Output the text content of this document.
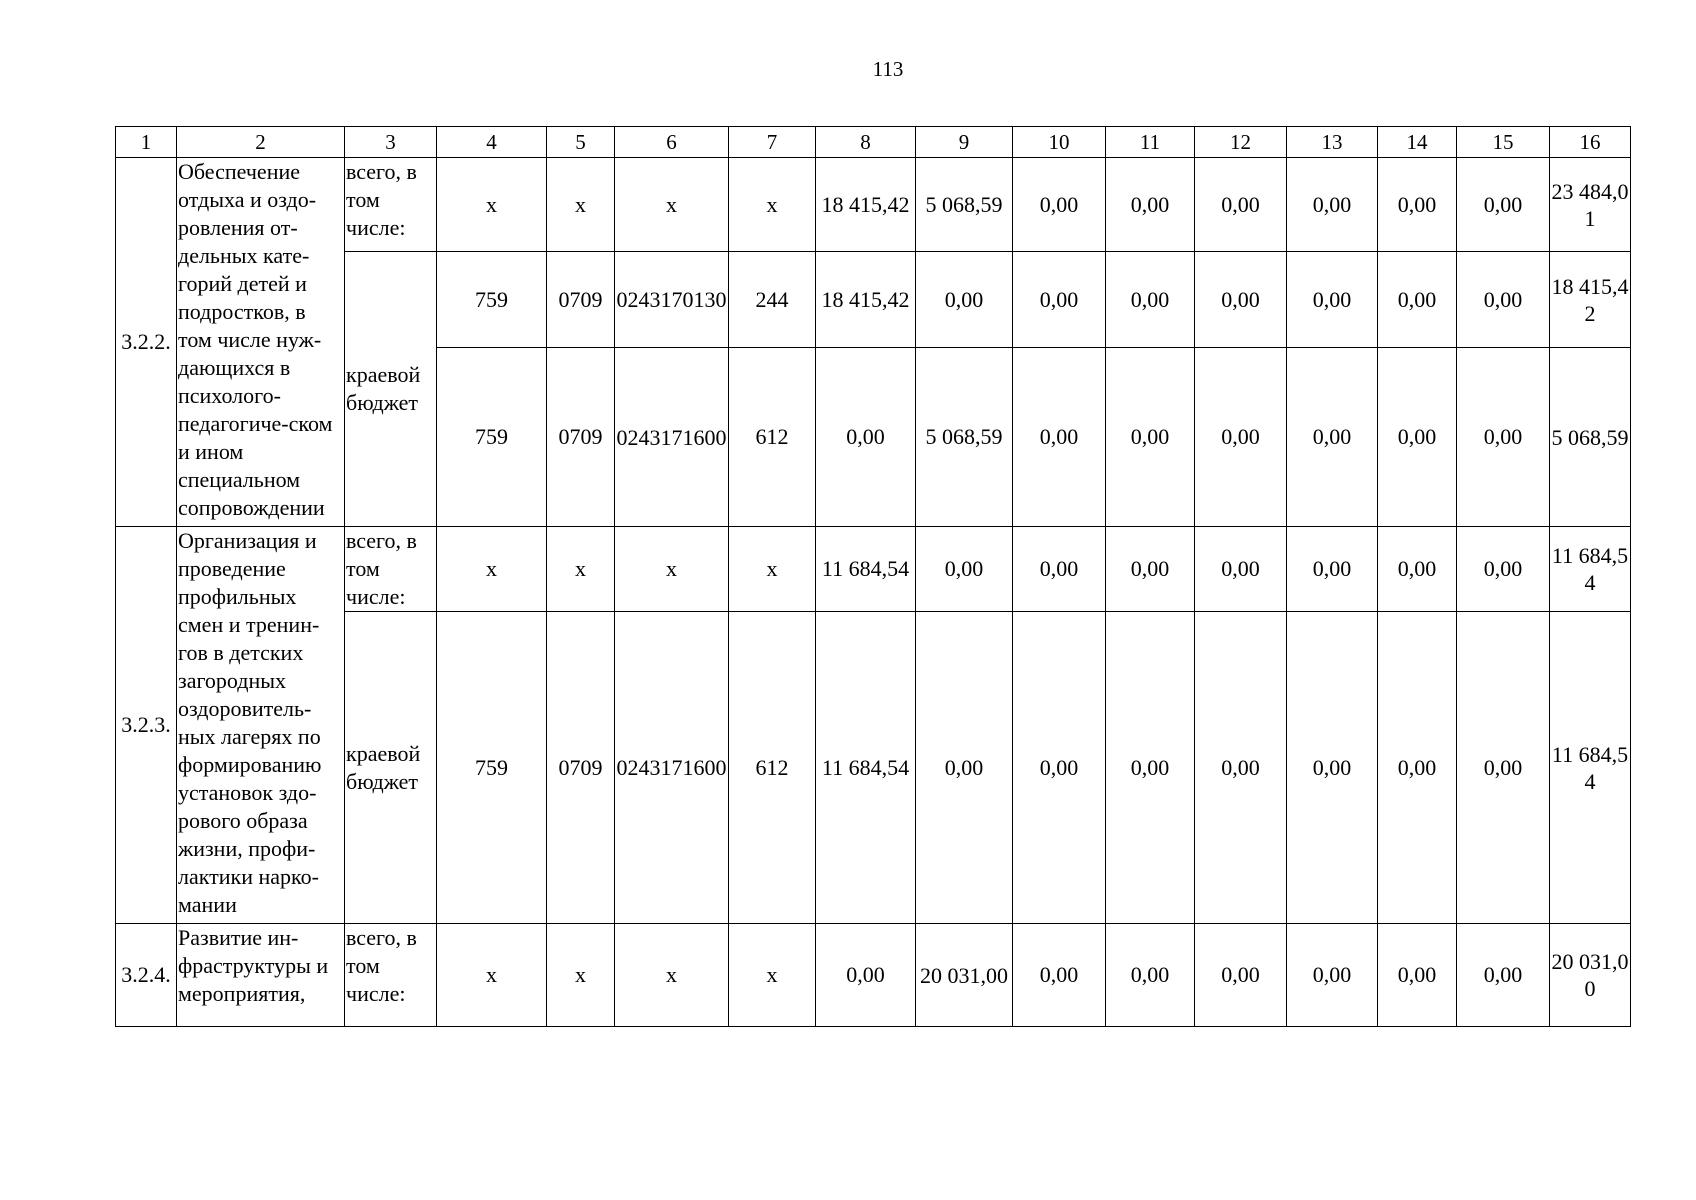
113
1	2	3	4	5	6	7	8	9	10	11	12	13	14	15	16
3.2.2.	Обеспечение отдыха и оздо-ровления от-дельных кате-горий детей и подростков, в том числе нуж-дающихся в психолого-педагогиче-ском и ином специальном сопровождении	всего, в том числе:	х	х	х	х	18 415,42	5 068,59	0,00	0,00	0,00	0,00	0,00	0,00	23 484,01
		краевой бюджет	759	0709	0243170130	244	18 415,42	0,00	0,00	0,00	0,00	0,00	0,00	0,00	18 415,42
			759	0709	0243171600	612	0,00	5 068,59	0,00	0,00	0,00	0,00	0,00	0,00	5 068,59
3.2.3.	Организация и проведение профильных смен и тренин-гов в детских загородных оздоровитель-ных лагерях по формированию установок здо-рового образа жизни, профи-лактики нарко-мании	всего, в том числе:	х	х	х	х	11 684,54	0,00	0,00	0,00	0,00	0,00	0,00	0,00	11 684,54
		краевой бюджет	759	0709	0243171600	612	11 684,54	0,00	0,00	0,00	0,00	0,00	0,00	0,00	11 684,54
3.2.4.	Развитие ин-фраструктуры и мероприятия,	всего, в том числе:	х	х	х	х	0,00	20 031,00	0,00	0,00	0,00	0,00	0,00	0,00	20 031,00
